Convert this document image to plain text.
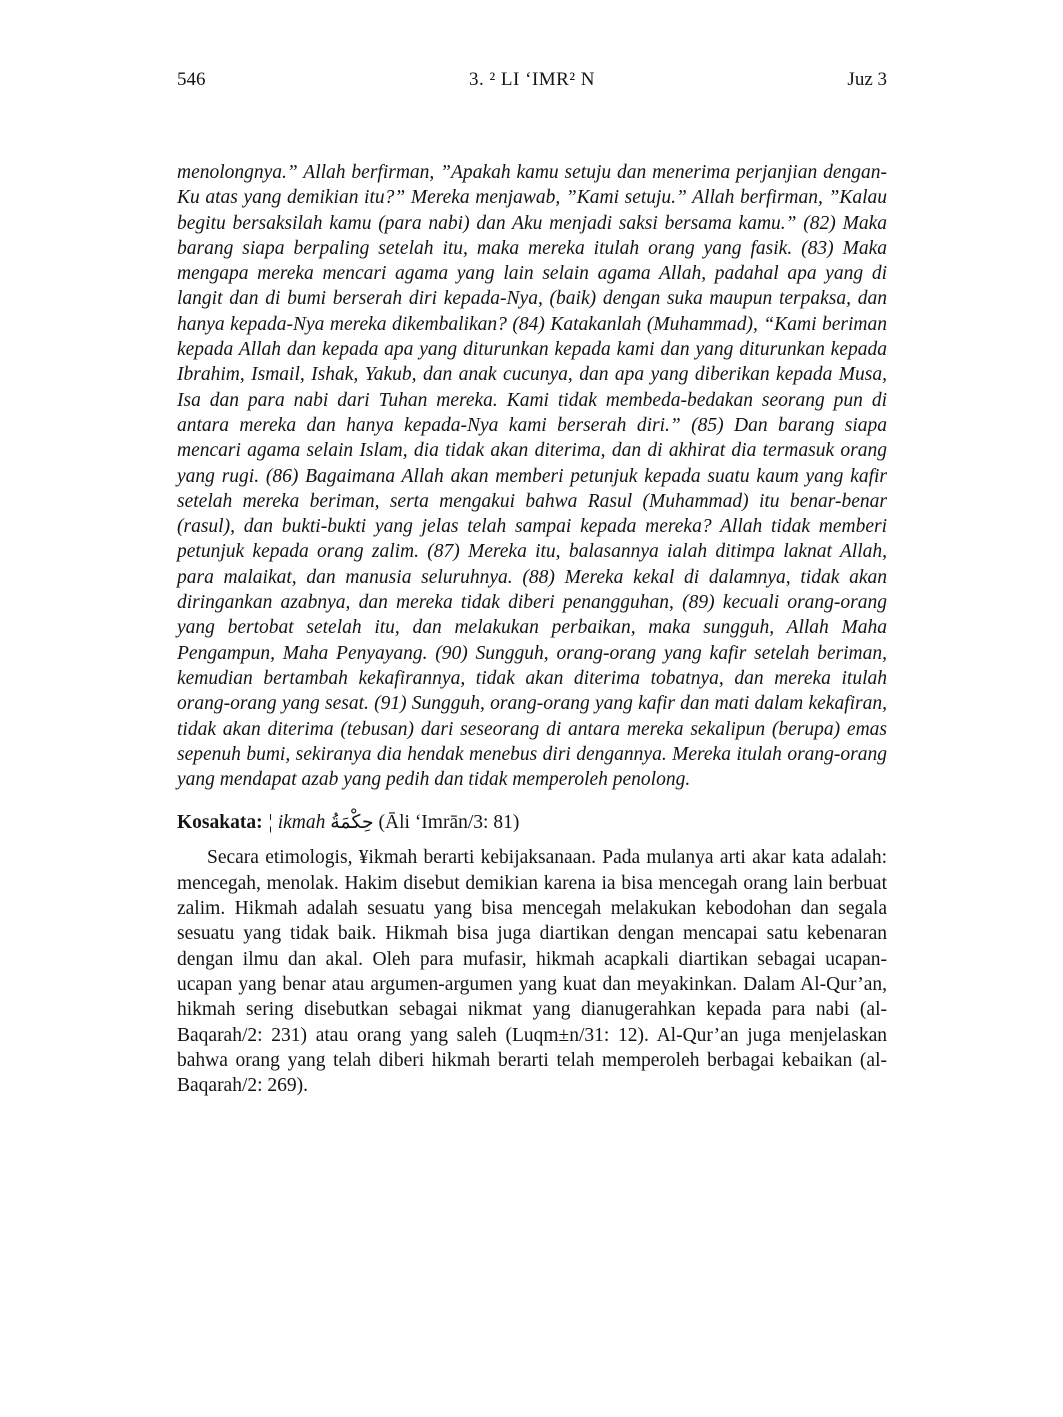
546	3. ² LI ‘IMR² N	Juz 3

menolongnya.” Allah berfirman, ”Apakah kamu setuju dan menerima perjanjian dengan-Ku atas yang demikian itu?” Mereka menjawab, ”Kami setuju.” Allah berfirman, ”Kalau begitu bersaksilah kamu (para nabi) dan Aku menjadi saksi bersama kamu.” (82) Maka barang siapa berpaling setelah itu, maka mereka itulah orang yang fasik. (83) Maka mengapa mereka mencari agama yang lain selain agama Allah, padahal apa yang di langit dan di bumi berserah diri kepada-Nya, (baik) dengan suka maupun terpaksa, dan hanya kepada-Nya mereka dikembalikan? (84) Katakanlah (Muhammad), “Kami beriman kepada Allah dan kepada apa yang diturunkan kepada kami dan yang diturunkan kepada Ibrahim, Ismail, Ishak, Yakub, dan anak cucunya, dan apa yang diberikan kepada Musa, Isa dan para nabi dari Tuhan mereka. Kami tidak membeda-bedakan seorang pun di antara mereka dan hanya kepada-Nya kami berserah diri.” (85) Dan barang siapa mencari agama selain Islam, dia tidak akan diterima, dan di akhirat dia termasuk orang yang rugi. (86) Bagaimana Allah akan memberi petunjuk kepada suatu kaum yang kafir setelah mereka beriman, serta mengakui bahwa Rasul (Muhammad) itu benar-benar (rasul), dan bukti-bukti yang jelas telah sampai kepada mereka? Allah tidak memberi petunjuk kepada orang zalim. (87) Mereka itu, balasannya ialah ditimpa laknat Allah, para malaikat, dan manusia seluruhnya. (88) Mereka kekal di dalamnya, tidak akan diringankan azabnya, dan mereka tidak diberi penangguhan, (89) kecuali orang-orang yang bertobat setelah itu, dan melakukan perbaikan, maka sungguh, Allah Maha Pengampun, Maha Penyayang. (90) Sungguh, orang-orang yang kafir setelah beriman, kemudian bertambah kekafirannya, tidak akan diterima tobatnya, dan mereka itulah orang-orang yang sesat. (91) Sungguh, orang-orang yang kafir dan mati dalam kekafiran, tidak akan diterima (tebusan) dari seseorang di antara mereka sekalipun (berupa) emas sepenuh bumi, sekiranya dia hendak menebus diri dengannya. Mereka itulah orang-orang yang mendapat azab yang pedih dan tidak memperoleh penolong.

Kosakata: ¦ ikmah حِكْمَةُ (Āli ‘Imrān/3: 81)

Secara etimologis, ¥ikmah berarti kebijaksanaan. Pada mulanya arti akar kata adalah: mencegah, menolak. Hakim disebut demikian karena ia bisa mencegah orang lain berbuat zalim. Hikmah adalah sesuatu yang bisa mencegah melakukan kebodohan dan segala sesuatu yang tidak baik. Hikmah bisa juga diartikan dengan mencapai satu kebenaran dengan ilmu dan akal. Oleh para mufasir, hikmah acapkali diartikan sebagai ucapan-ucapan yang benar atau argumen-argumen yang kuat dan meyakinkan. Dalam Al-Qur’an, hikmah sering disebutkan sebagai nikmat yang dianugerahkan kepada para nabi (al-Baqarah/2: 231) atau orang yang saleh (Luqm±n/31: 12). Al-Qur’an juga menjelaskan bahwa orang yang telah diberi hikmah berarti telah memperoleh berbagai kebaikan (al-Baqarah/2: 269).
